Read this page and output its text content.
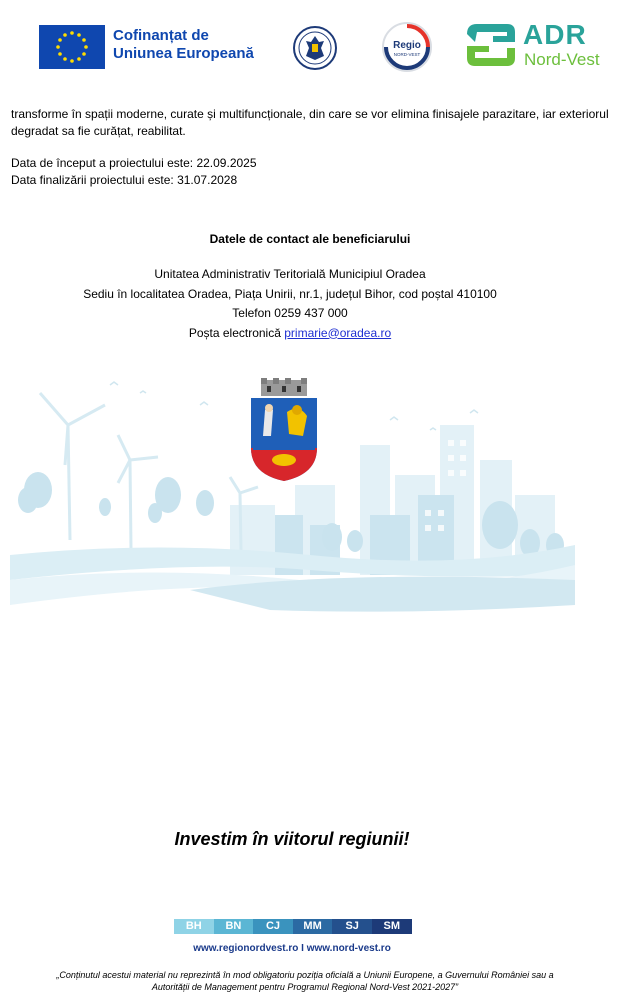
Cofinanțat de
Uniunea Europeană	Regio
NORD-VEST
ADR
Nord-Vest
transforme în spații moderne, curate și multifuncționale, din care se vor elimina finisajele parazitare, iar exteriorul degradat sa fie curățat, reabilitat.
Data de început a proiectului este: 22.09.2025
Data finalizării proiectului este: 31.07.2028
Datele de contact ale beneficiarului
Unitatea Administrativ Teritorială Municipiul Oradea
Sediu în localitatea Oradea, Piața Unirii, nr.1, județul Bihor, cod poștal 410100
Telefon 0259 437 000
Poșta electronică primarie@oradea.ro
Investim în viitorul regiunii!
BH	BN	CJ	MM	SJ	SM
www.regionordvest.ro I www.nord-vest.ro
„Conținutul acestui material nu reprezintă în mod obligatoriu poziția oficială a Uniunii Europene, a Guvernului României sau a Autorității de Management pentru Programul Regional Nord-Vest 2021-2027”
